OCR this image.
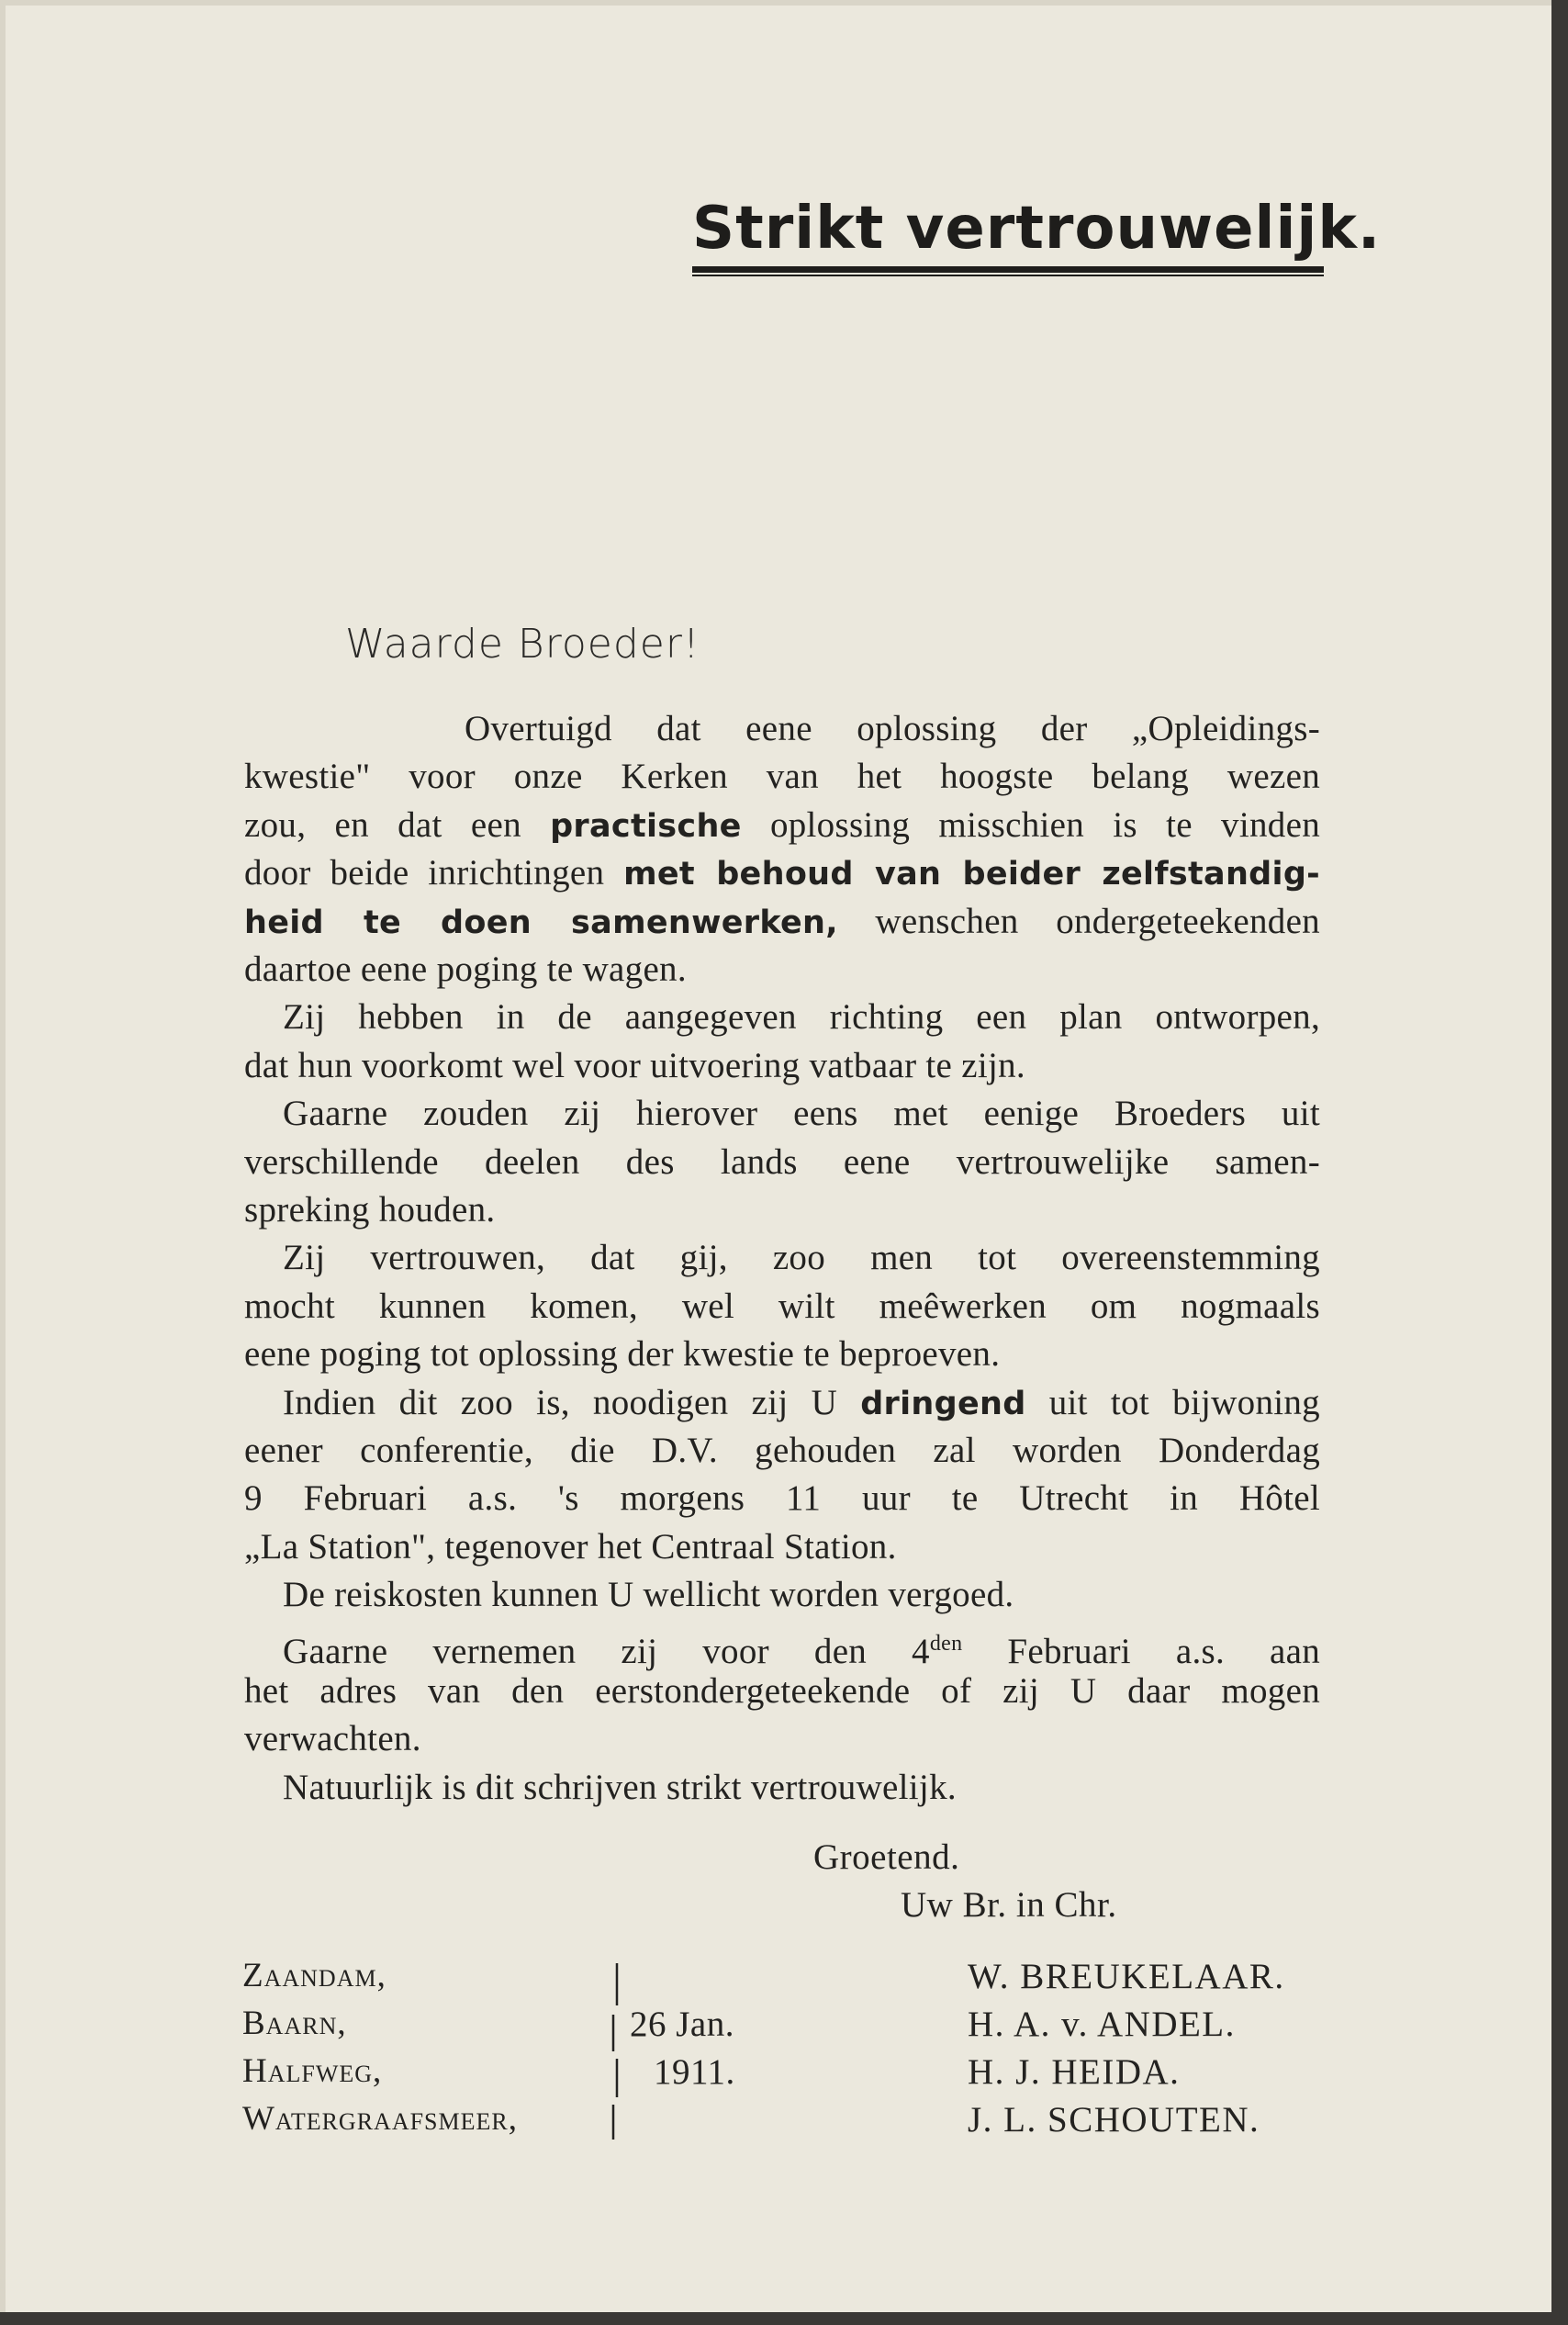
Strikt vertrouwelijk.
Waarde Broeder!
Overtuigd dat eene oplossing der „Opleidings-
kwestie" voor onze Kerken van het hoogste belang wezen
zou, en dat een practische oplossing misschien is te vinden
door beide inrichtingen met behoud van beider zelfstandig-
heid te doen samenwerken, wenschen ondergeteekenden
daartoe eene poging te wagen.
Zij hebben in de aangegeven richting een plan ontworpen,
dat hun voorkomt wel voor uitvoering vatbaar te zijn.
Gaarne zouden zij hierover eens met eenige Broeders uit
verschillende deelen des lands eene vertrouwelijke samen-
spreking houden.
Zij vertrouwen, dat gij, zoo men tot overeenstemming
mocht kunnen komen, wel wilt meêwerken om nogmaals
eene poging tot oplossing der kwestie te beproeven.
Indien dit zoo is, noodigen zij U dringend uit tot bijwoning
eener conferentie, die D.V. gehouden zal worden Donderdag
9 Februari a.s. 's morgens 11 uur te Utrecht in Hôtel
„La Station", tegenover het Centraal Station.
De reiskosten kunnen U wellicht worden vergoed.
Gaarne vernemen zij voor den $4^{den}$ Februari a.s. aan
het adres van den eerstondergeteekende of zij U daar mogen
verwachten.
Natuurlijk is dit schrijven strikt vertrouwelijk.
Groetend.
Uw Br. in Chr.
Zaandam,
Baarn,
Halfweg,
Watergraafsmeer,
26 Jan.
1911.
W. BREUKELAAR.
H. A. v. ANDEL.
H. J. HEIDA.
J. L. SCHOUTEN.
